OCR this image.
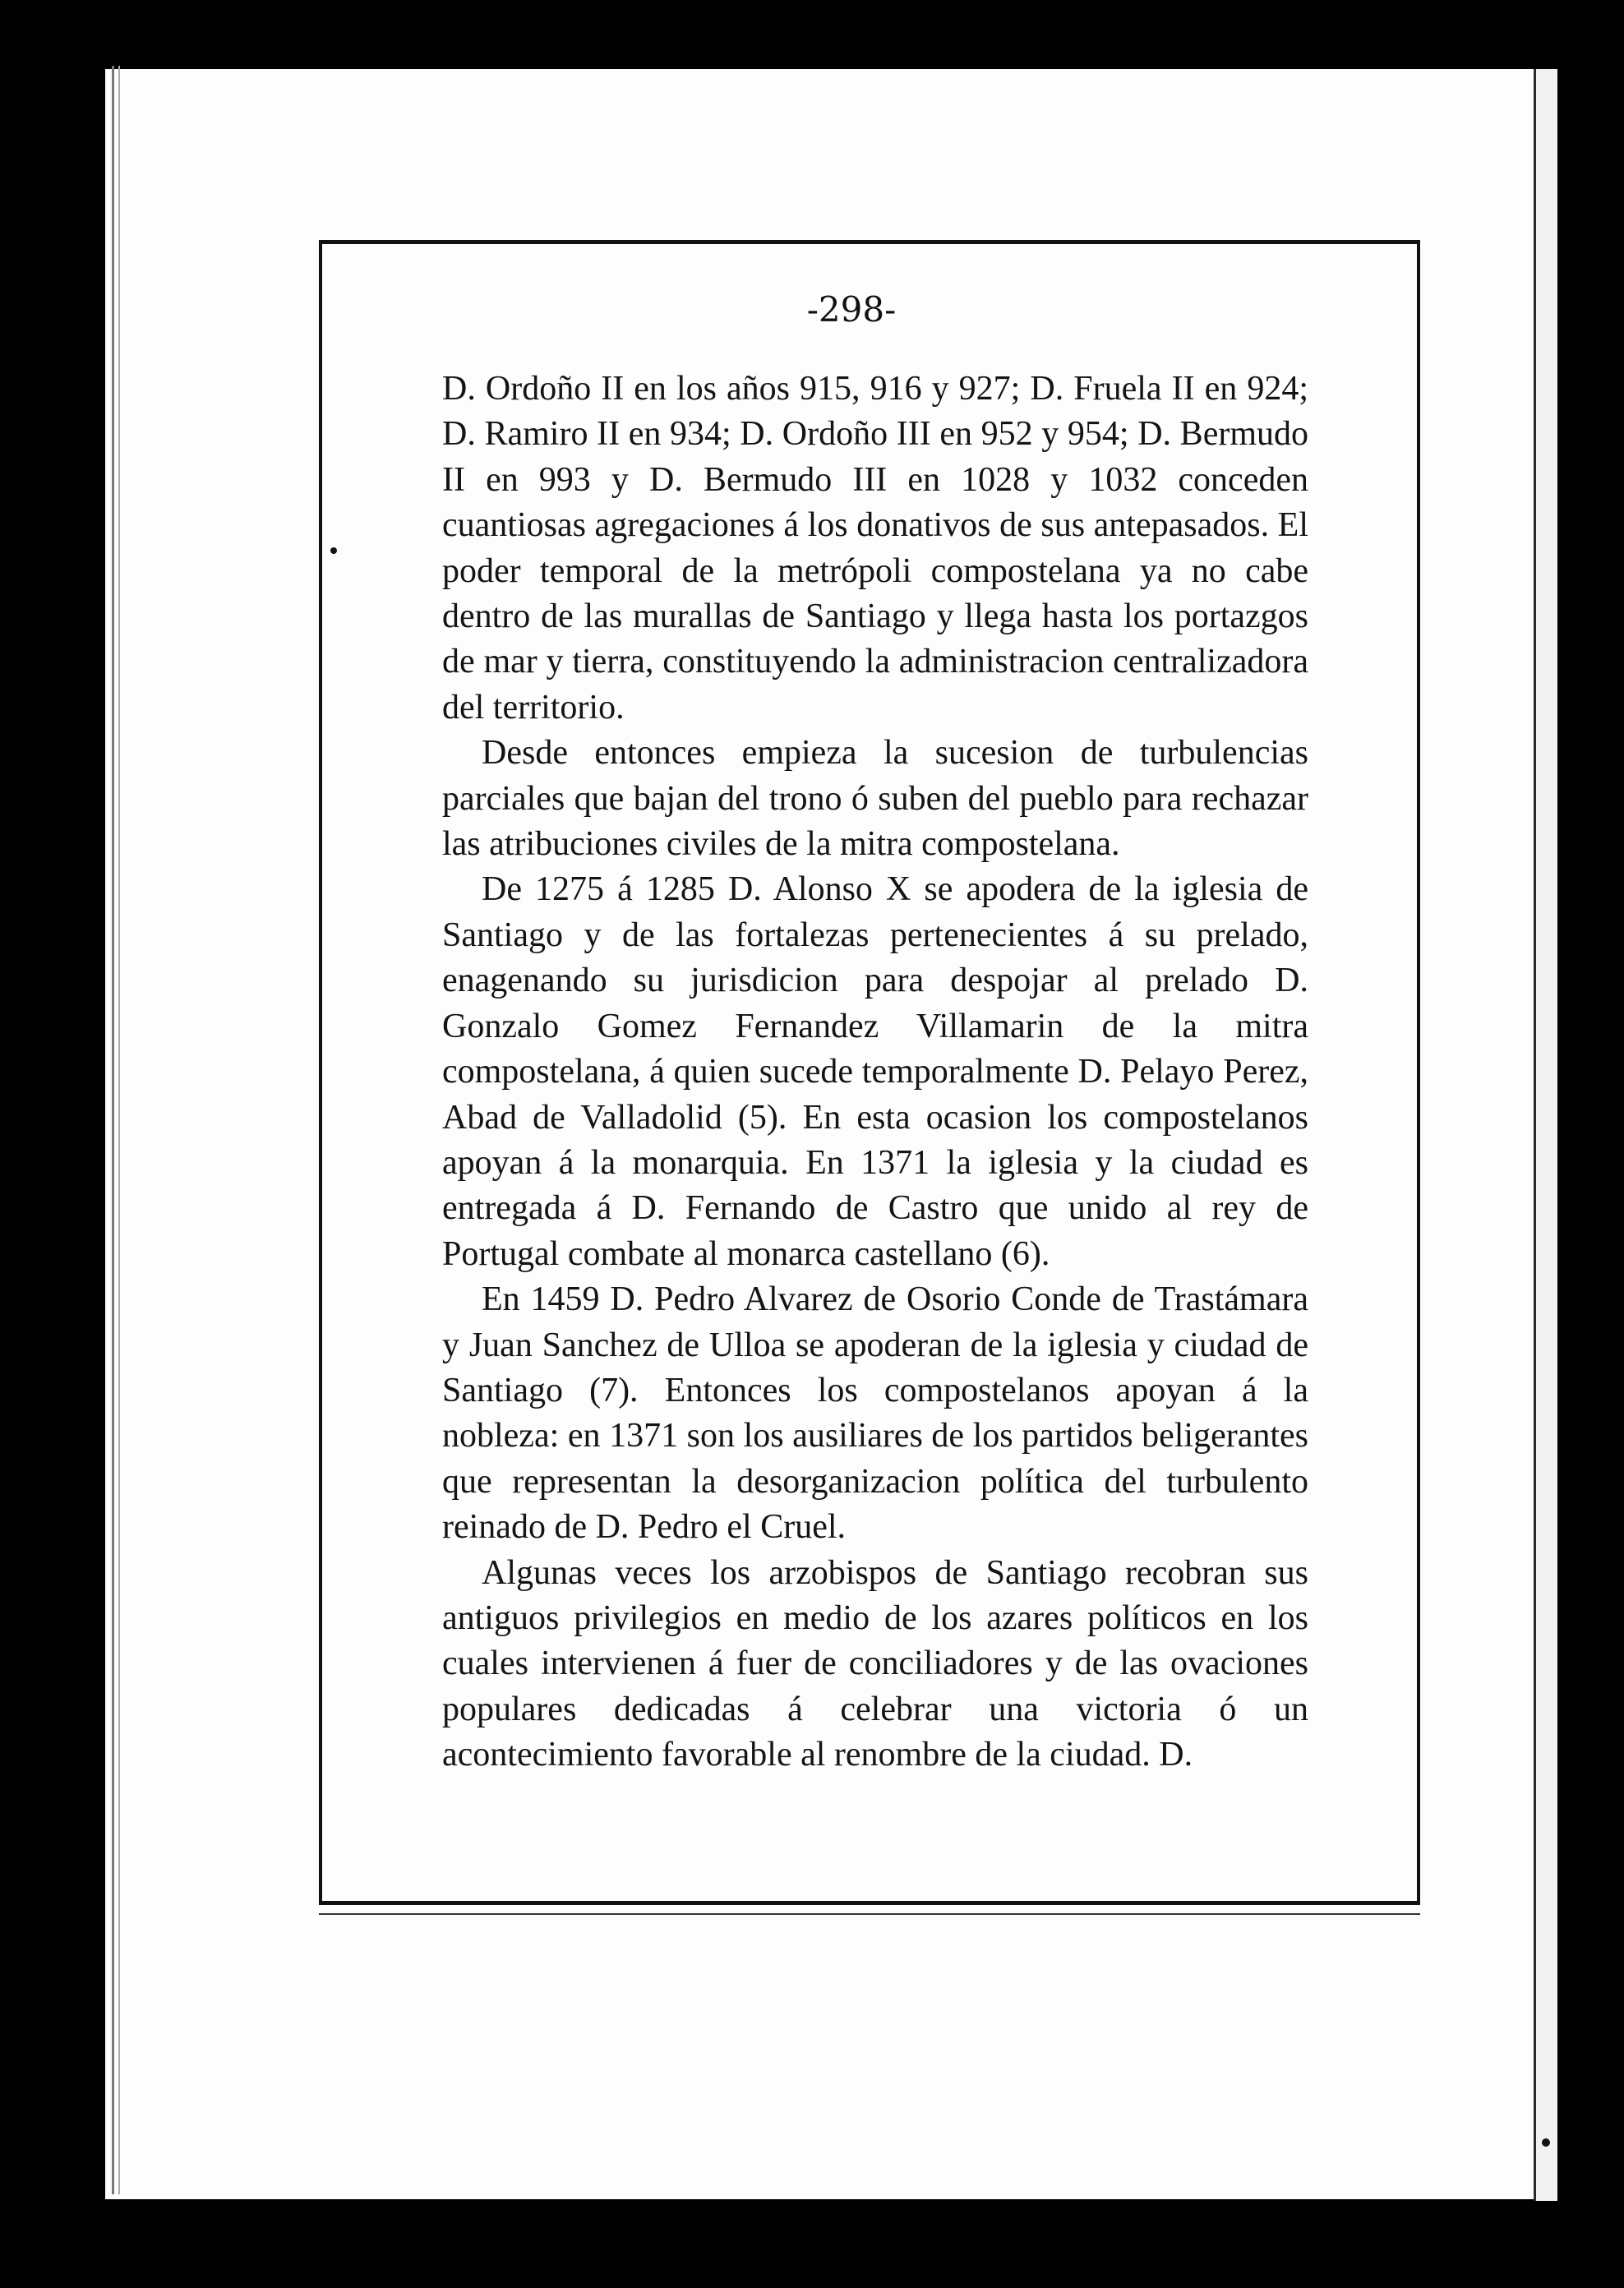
-298-

D. Ordoño II en los años 915, 916 y 927; D. Fruela II en 924; D. Ramiro II en 934; D. Ordoño III en 952 y 954; D. Bermudo II en 993 y D. Bermudo III en 1028 y 1032 conceden cuantiosas agregaciones á los donativos de sus antepasados. El poder temporal de la metrópoli compostelana ya no cabe dentro de las murallas de Santiago y llega hasta los portazgos de mar y tierra, constituyendo la administracion centralizadora del territorio.

Desde entonces empieza la sucesion de turbulencias parciales que bajan del trono ó suben del pueblo para rechazar las atribuciones civiles de la mitra compostelana.

De 1275 á 1285 D. Alonso X se apodera de la iglesia de Santiago y de las fortalezas pertenecientes á su prelado, enagenando su jurisdicion para despojar al prelado D. Gonzalo Gomez Fernandez Villamarin de la mitra compostelana, á quien sucede temporalmente D. Pelayo Perez, Abad de Valladolid (5). En esta ocasion los compostelanos apoyan á la monarquia. En 1371 la iglesia y la ciudad es entregada á D. Fernando de Castro que unido al rey de Portugal combate al monarca castellano (6).

En 1459 D. Pedro Alvarez de Osorio Conde de Trastámara y Juan Sanchez de Ulloa se apoderan de la iglesia y ciudad de Santiago (7). Entonces los compostelanos apoyan á la nobleza: en 1371 son los ausiliares de los partidos beligerantes que representan la desorganizacion política del turbulento reinado de D. Pedro el Cruel.

Algunas veces los arzobispos de Santiago recobran sus antiguos privilegios en medio de los azares políticos en los cuales intervienen á fuer de conciliadores y de las ovaciones populares dedicadas á celebrar una victoria ó un acontecimiento favorable al renombre de la ciudad. D.
